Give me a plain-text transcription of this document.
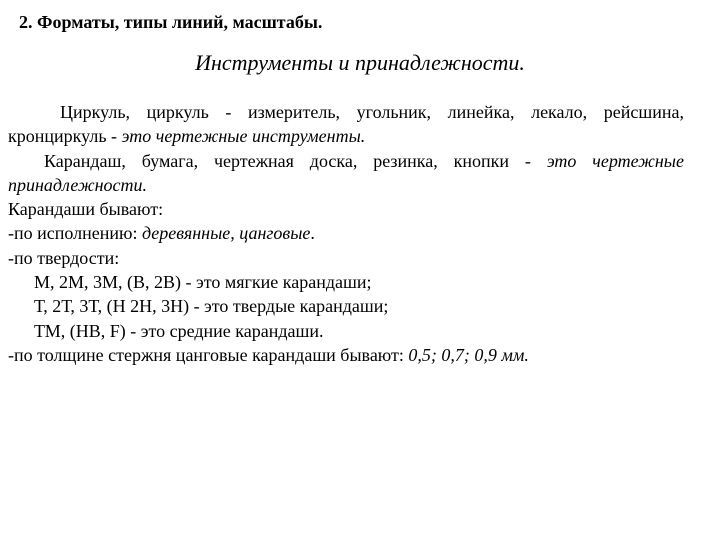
2. Форматы, типы линий, масштабы.
Инструменты и принадлежности.

Циркуль, циркуль - измеритель, угольник, линейка, лекало, рейсшина, кронциркуль - это чертежные инструменты.

Карандаш, бумага, чертежная доска, резинка, кнопки - это чертежные принадлежности.

Карандаши бывают:

-по исполнению: деревянные, цанговые.

-по твердости:

М, 2М, 3М, (В, 2В) - это мягкие карандаши;

Т, 2Т, 3Т, (Н 2Н, 3Н) - это твердые карандаши;

ТМ, (НВ, F) - это средние карандаши.

-по толщине стержня цанговые карандаши бывают: 0,5; 0,7; 0,9 мм.
